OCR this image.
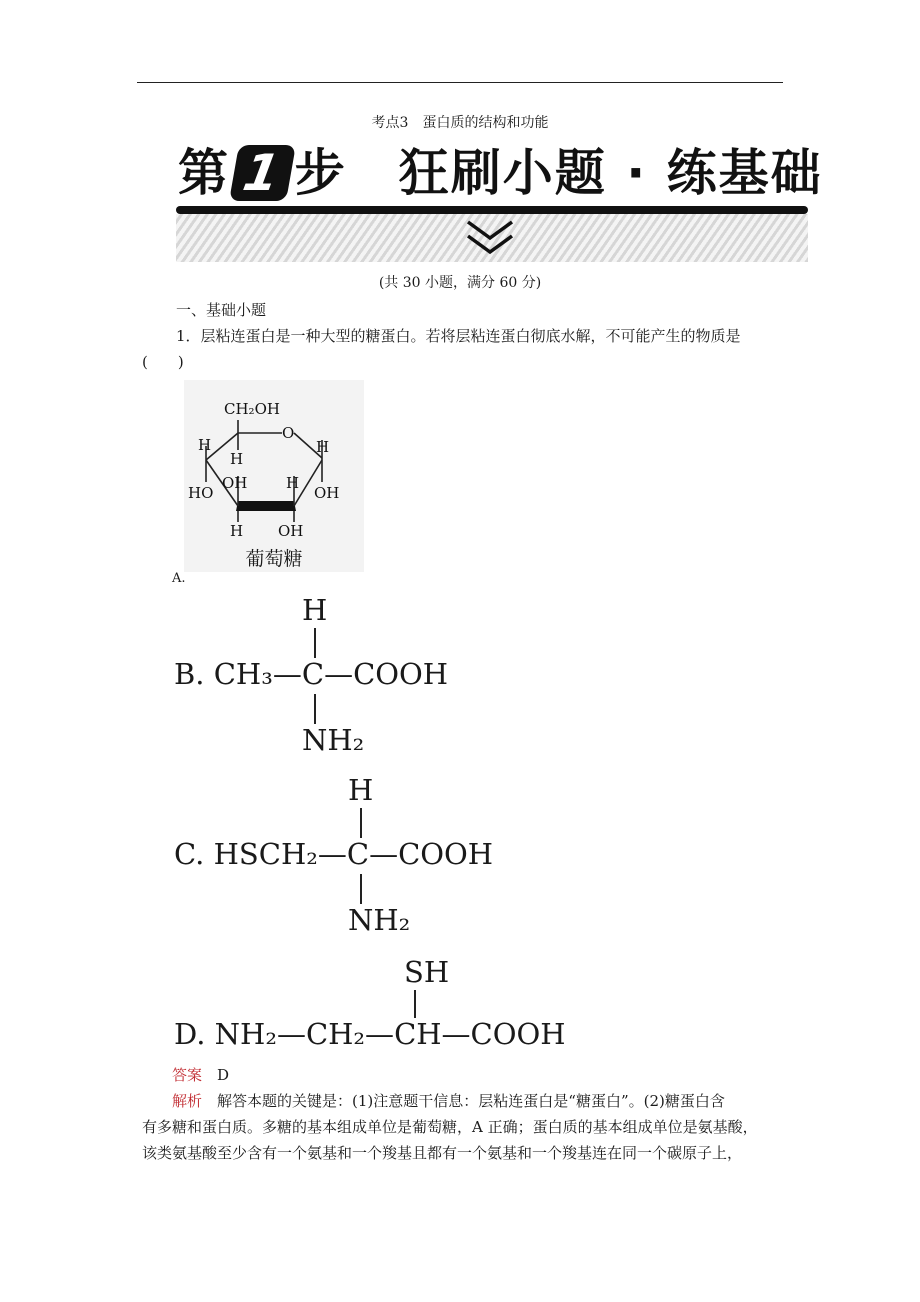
考点3　蛋白质的结构和功能
第 1 步　狂刷小题 · 练基础
(共 30 小题，满分 60 分)
一、基础小题
1．层粘连蛋白是一种大型的糖蛋白。若将层粘连蛋白彻底水解，不可能产生的物质是
(　　)
CH₂OH
O
H
H
H
OH	H
OH
HO
H OH
葡萄糖
A.
H
B. CH₃—C—COOH
NH₂
H
C. HSCH₂—C—COOH
NH₂
SH
D. NH₂—CH₂—CH—COOH
答案　 D
解析　 解答本题的关键是：(1)注意题干信息：层粘连蛋白是“糖蛋白”。(2)糖蛋白含
有多糖和蛋白质。多糖的基本组成单位是葡萄糖，A 正确；蛋白质的基本组成单位是氨基酸，
该类氨基酸至少含有一个氨基和一个羧基且都有一个氨基和一个羧基连在同一个碳原子上，
